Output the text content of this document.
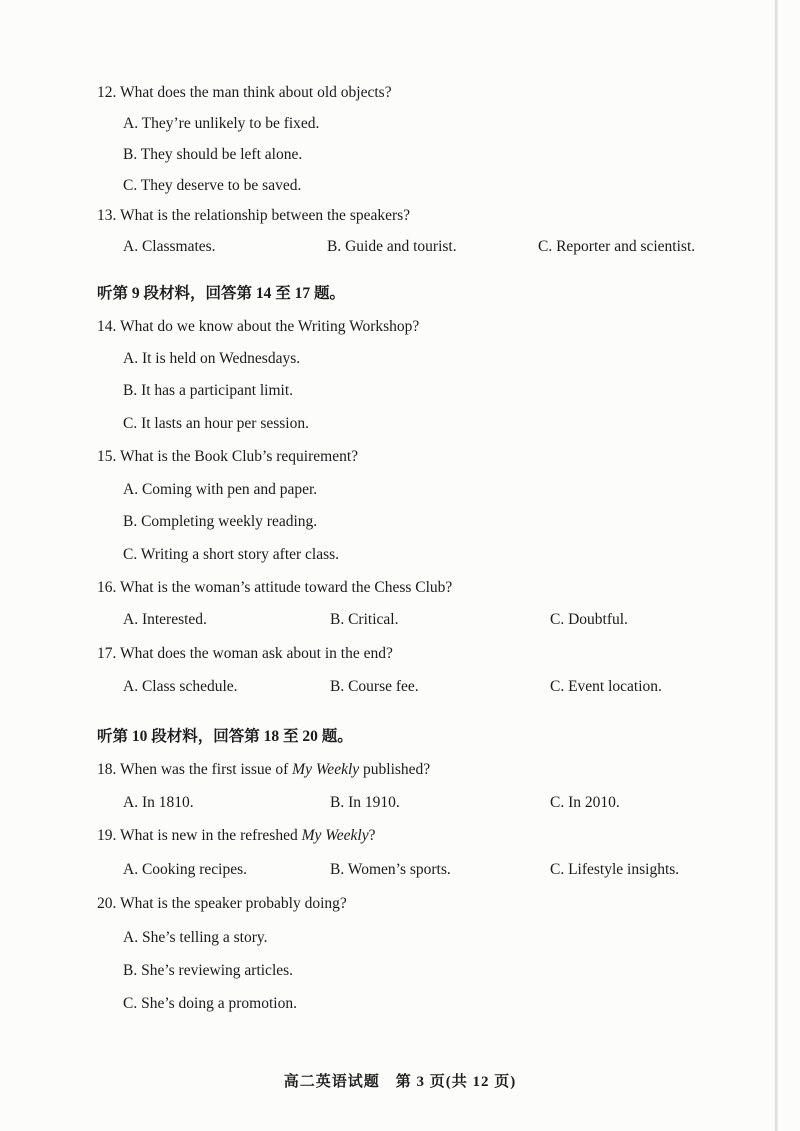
12. What does the man think about old objects?
A. They’re unlikely to be fixed.
B. They should be left alone.
C. They deserve to be saved.
13. What is the relationship between the speakers?
A. Classmates.	B. Guide and tourist.	C. Reporter and scientist.
听第 9 段材料，回答第 14 至 17 题。
14. What do we know about the Writing Workshop?
A. It is held on Wednesdays.
B. It has a participant limit.
C. It lasts an hour per session.
15. What is the Book Club’s requirement?
A. Coming with pen and paper.
B. Completing weekly reading.
C. Writing a short story after class.
16. What is the woman’s attitude toward the Chess Club?
A. Interested.	B. Critical.	C. Doubtful.
17. What does the woman ask about in the end?
A. Class schedule.	B. Course fee.	C. Event location.
听第 10 段材料，回答第 18 至 20 题。
18. When was the first issue of My Weekly published?
A. In 1810.	B. In 1910.	C. In 2010.
19. What is new in the refreshed My Weekly?
A. Cooking recipes.	B. Women’s sports.	C. Lifestyle insights.
20. What is the speaker probably doing?
A. She’s telling a story.
B. She’s reviewing articles.
C. She’s doing a promotion.
高二英语试题　第 3 页(共 12 页)
